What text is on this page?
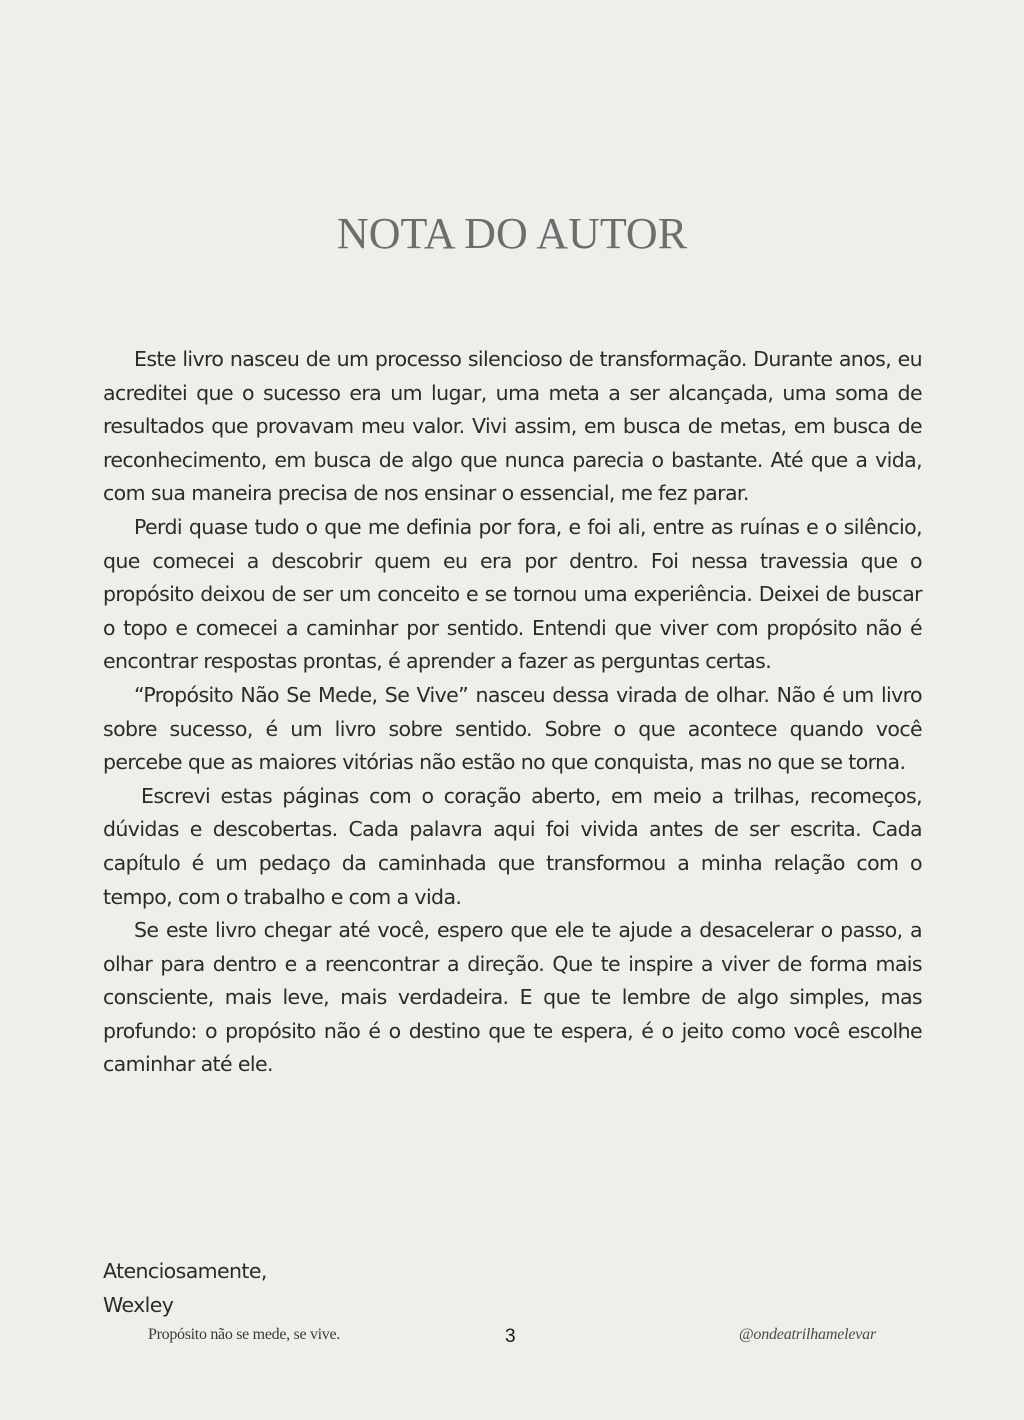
NOTA DO AUTOR

Este livro nasceu de um processo silencioso de transformação. Durante anos, eu acreditei que o sucesso era um lugar, uma meta a ser alcançada, uma soma de resultados que provavam meu valor. Vivi assim, em busca de metas, em busca de reconhecimento, em busca de algo que nunca parecia o bastante. Até que a vida, com sua maneira precisa de nos ensinar o essencial, me fez parar.

Perdi quase tudo o que me definia por fora, e foi ali, entre as ruínas e o silêncio, que comecei a descobrir quem eu era por dentro. Foi nessa travessia que o propósito deixou de ser um conceito e se tornou uma experiência. Deixei de buscar o topo e comecei a caminhar por sentido. Entendi que viver com propósito não é encontrar respostas prontas, é aprender a fazer as perguntas certas.

“Propósito Não Se Mede, Se Vive” nasceu dessa virada de olhar. Não é um livro sobre sucesso, é um livro sobre sentido. Sobre o que acontece quando você percebe que as maiores vitórias não estão no que conquista, mas no que se torna.

Escrevi estas páginas com o coração aberto, em meio a trilhas, recomeços, dúvidas e descobertas. Cada palavra aqui foi vivida antes de ser escrita. Cada capítulo é um pedaço da caminhada que transformou a minha relação com o tempo, com o trabalho e com a vida.

Se este livro chegar até você, espero que ele te ajude a desacelerar o passo, a olhar para dentro e a reencontrar a direção. Que te inspire a viver de forma mais consciente, mais leve, mais verdadeira. E que te lembre de algo simples, mas profundo: o propósito não é o destino que te espera, é o jeito como você escolhe caminhar até ele.

Atenciosamente,
Wexley
Propósito não se mede, se vive.	3	@ondeatrilhamelevar
